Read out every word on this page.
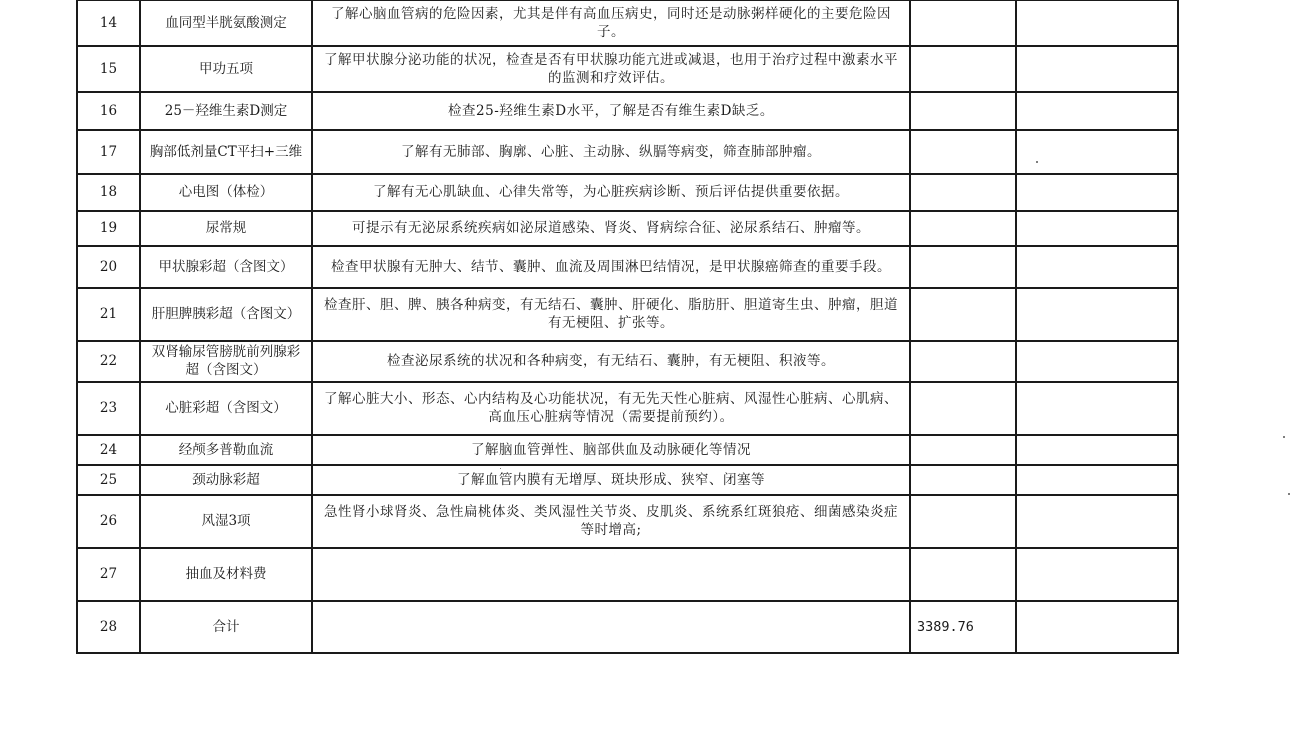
14	血同型半胱氨酸测定	了解心脑血管病的危险因素，尤其是伴有高血压病史，同时还是动脉粥样硬化的主要危险因子。		
15	甲功五项	了解甲状腺分泌功能的状况，检查是否有甲状腺功能亢进或减退，也用于治疗过程中激素水平的监测和疗效评估。		
16	25－羟维生素D测定	检查25-羟维生素D水平，了解是否有维生素D缺乏。		
17	胸部低剂量CT平扫+三维	了解有无肺部、胸廓、心脏、主动脉、纵膈等病变，筛查肺部肿瘤。		
18	心电图（体检）	了解有无心肌缺血、心律失常等，为心脏疾病诊断、预后评估提供重要依据。		
19	尿常规	可提示有无泌尿系统疾病如泌尿道感染、肾炎、肾病综合征、泌尿系结石、肿瘤等。		
20	甲状腺彩超（含图文）	检查甲状腺有无肿大、结节、囊肿、血流及周围淋巴结情况，是甲状腺癌筛查的重要手段。		
21	肝胆脾胰彩超（含图文）	检查肝、胆、脾、胰各种病变，有无结石、囊肿、肝硬化、脂肪肝、胆道寄生虫、肿瘤，胆道有无梗阻、扩张等。		
22	双肾输尿管膀胱前列腺彩超（含图文）	检查泌尿系统的状况和各种病变，有无结石、囊肿，有无梗阻、积液等。		
23	心脏彩超（含图文）	了解心脏大小、形态、心内结构及心功能状况，有无先天性心脏病、风湿性心脏病、心肌病、高血压心脏病等情况（需要提前预约）。		
24	经颅多普勒血流	了解脑血管弹性、脑部供血及动脉硬化等情况		
25	颈动脉彩超	了解血管内膜有无增厚、斑块形成、狭窄、闭塞等		
26	风湿3项	急性肾小球肾炎、急性扁桃体炎、类风湿性关节炎、皮肌炎、系统系红斑狼疮、细菌感染炎症等时增高;		
27	抽血及材料费			
28	合计		3389.76	
